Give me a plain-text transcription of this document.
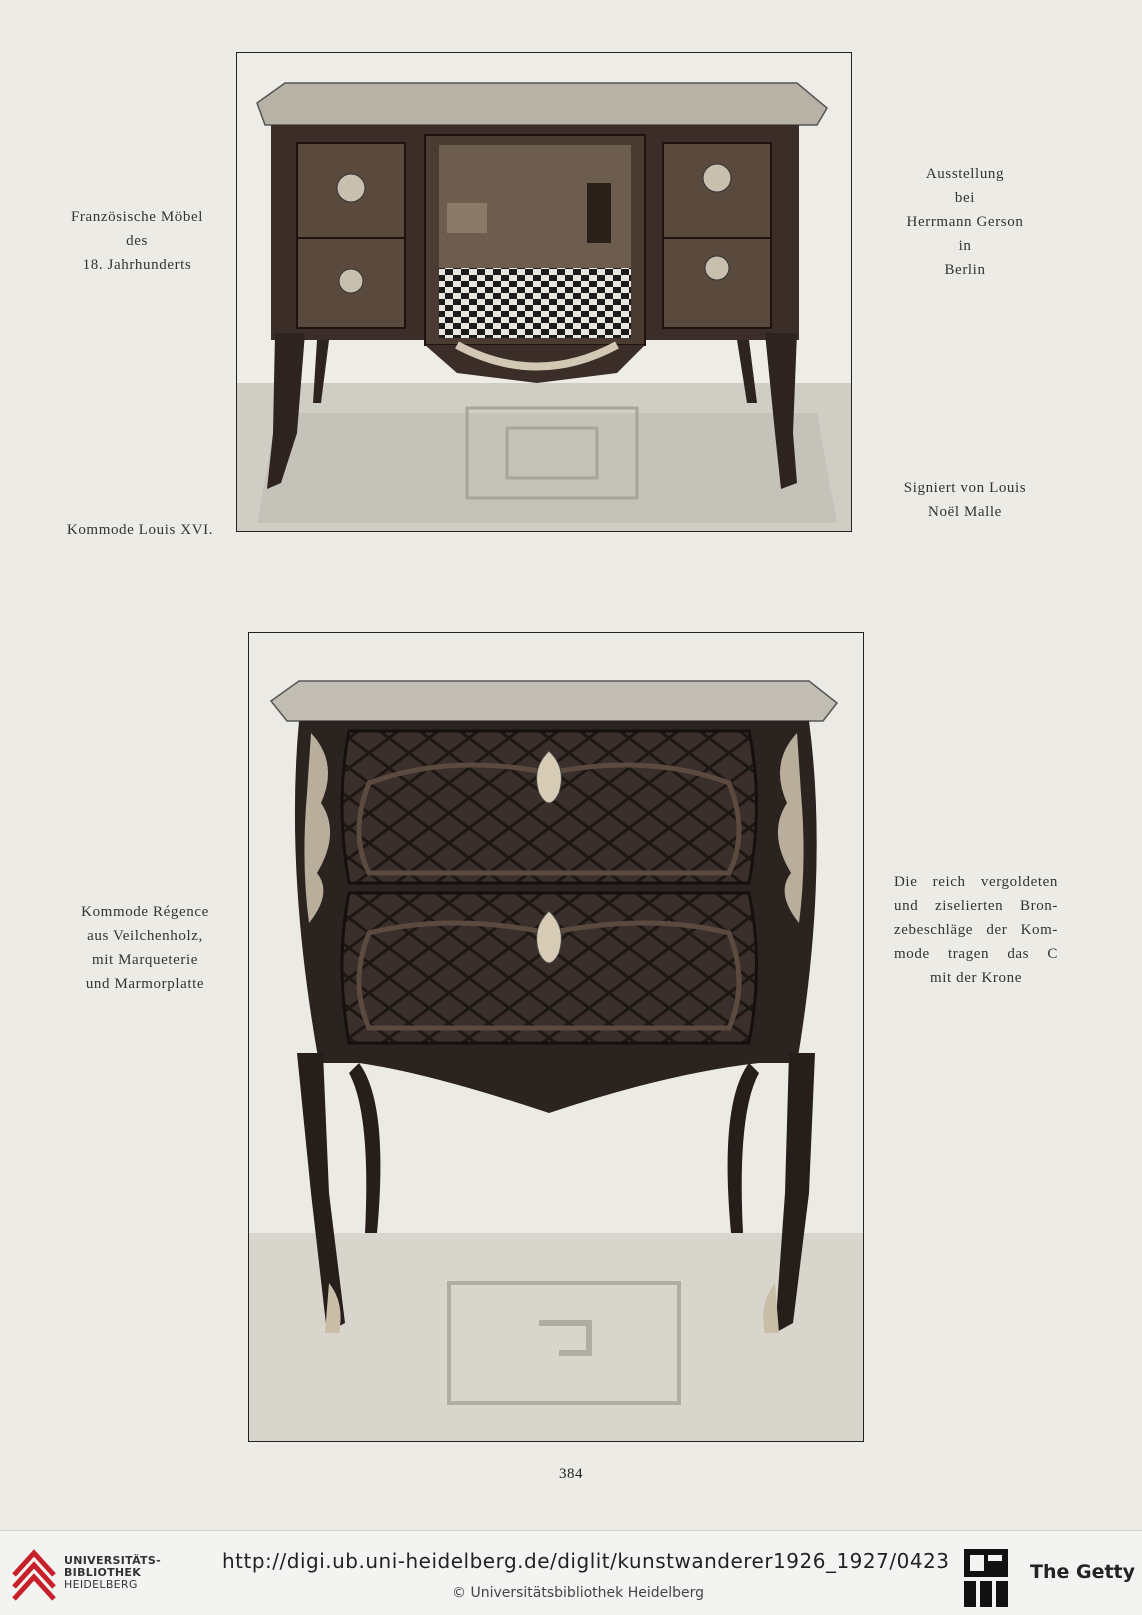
Französische Möbel
des
18. Jahrhunderts
Kommode Louis XVI.
Ausstellung
bei
Herrmann Gerson
in
Berlin
Signiert von Louis
Noël Malle
Kommode Régence
aus Veilchenholz,
mit Marqueterie
und Marmorplatte
Die reich vergoldeten
und ziselierten Bron-
zebeschläge der Kom-
mode tragen das C
mit der Krone
384
UNIVERSITÄTS-
BIBLIOTHEK
HEIDELBERG
http://digi.ub.uni-heidelberg.de/diglit/kunstwanderer1926_1927/0423
© Universitätsbibliothek Heidelberg
The Getty
